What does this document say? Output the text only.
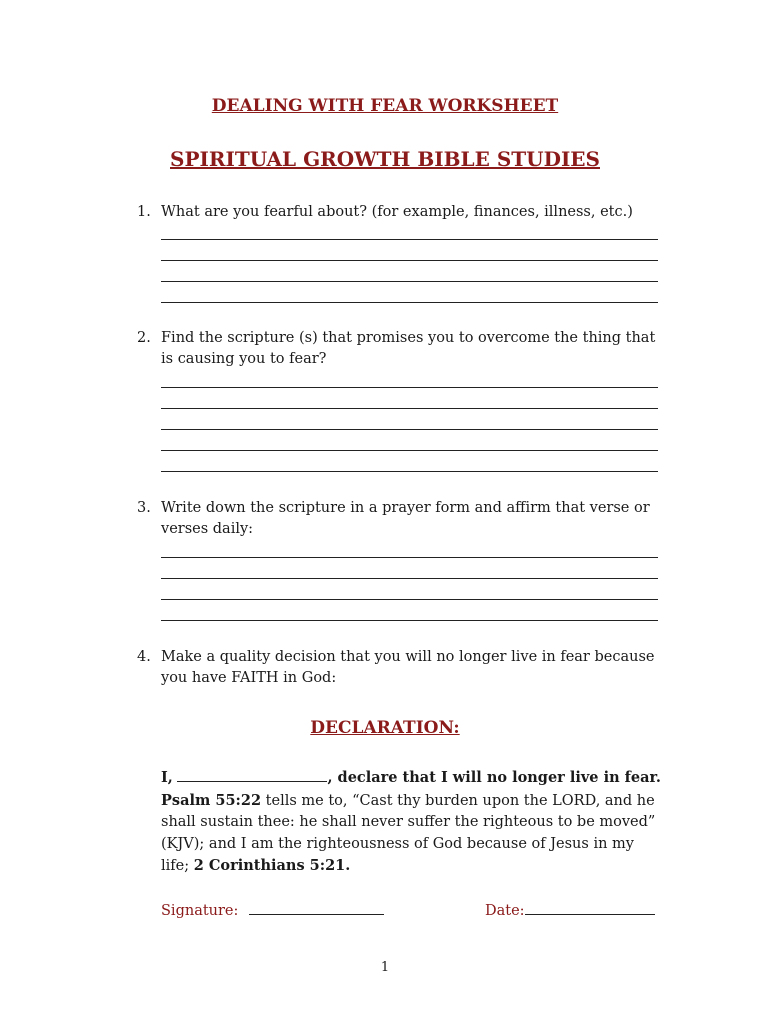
DEALING WITH FEAR WORKSHEET
SPIRITUAL GROWTH BIBLE STUDIES
1. What are you fearful about? (for example, finances, illness, etc.)
2. Find the scripture (s) that promises you to overcome the thing that is causing you to fear?
3. Write down the scripture in a prayer form and affirm that verse or verses daily:
4. Make a quality decision that you will no longer live in fear because you have FAITH in God:
DECLARATION:
I,	, declare that I will no longer live in fear. Psalm 55:22 tells me to, “Cast thy burden upon the LORD, and he shall sustain thee: he shall never suffer the righteous to be moved” (KJV); and I am the righteousness of God because of Jesus in my life; 2 Corinthians 5:21.
Signature:	Date:
1
